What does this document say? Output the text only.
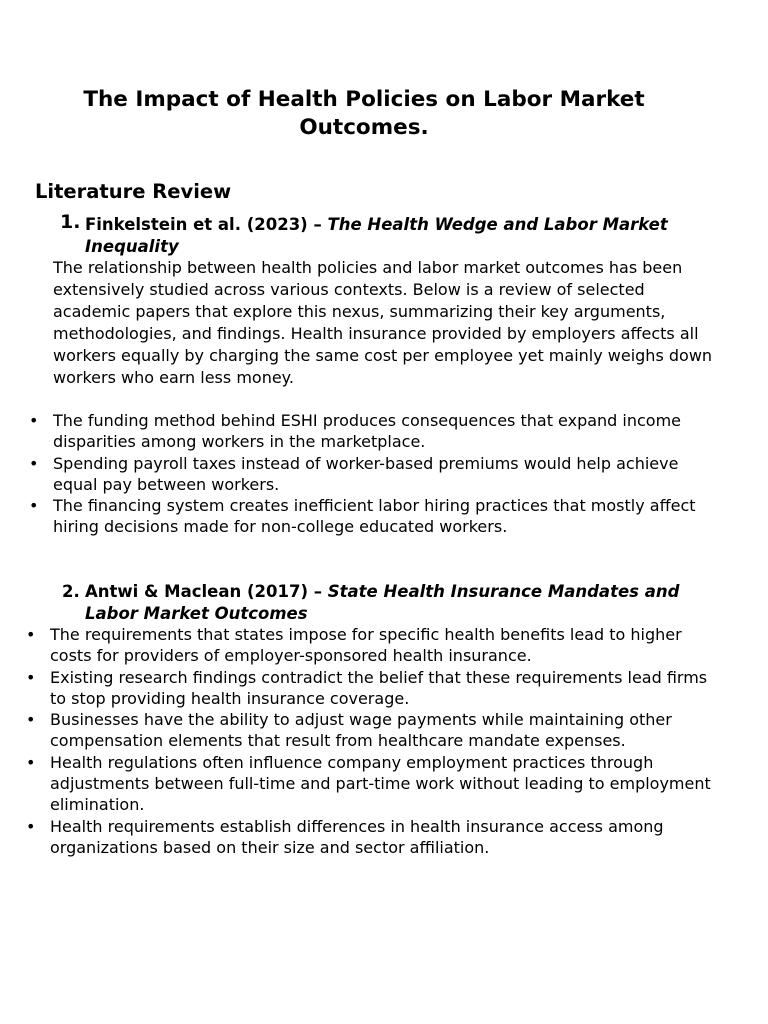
The Impact of Health Policies on Labor Market Outcomes.
Literature Review
1. Finkelstein et al. (2023) – The Health Wedge and Labor Market Inequality

The relationship between health policies and labor market outcomes has been extensively studied across various contexts. Below is a review of selected academic papers that explore this nexus, summarizing their key arguments, methodologies, and findings. Health insurance provided by employers affects all workers equally by charging the same cost per employee yet mainly weighs down workers who earn less money.

• The funding method behind ESHI produces consequences that expand income disparities among workers in the marketplace.
• Spending payroll taxes instead of worker-based premiums would help achieve equal pay between workers.
• The financing system creates inefficient labor hiring practices that mostly affect hiring decisions made for non-college educated workers.
2. Antwi & Maclean (2017) – State Health Insurance Mandates and Labor Market Outcomes
• The requirements that states impose for specific health benefits lead to higher costs for providers of employer-sponsored health insurance.
• Existing research findings contradict the belief that these requirements lead firms to stop providing health insurance coverage.
• Businesses have the ability to adjust wage payments while maintaining other compensation elements that result from healthcare mandate expenses.
• Health regulations often influence company employment practices through adjustments between full-time and part-time work without leading to employment elimination.
• Health requirements establish differences in health insurance access among organizations based on their size and sector affiliation.
